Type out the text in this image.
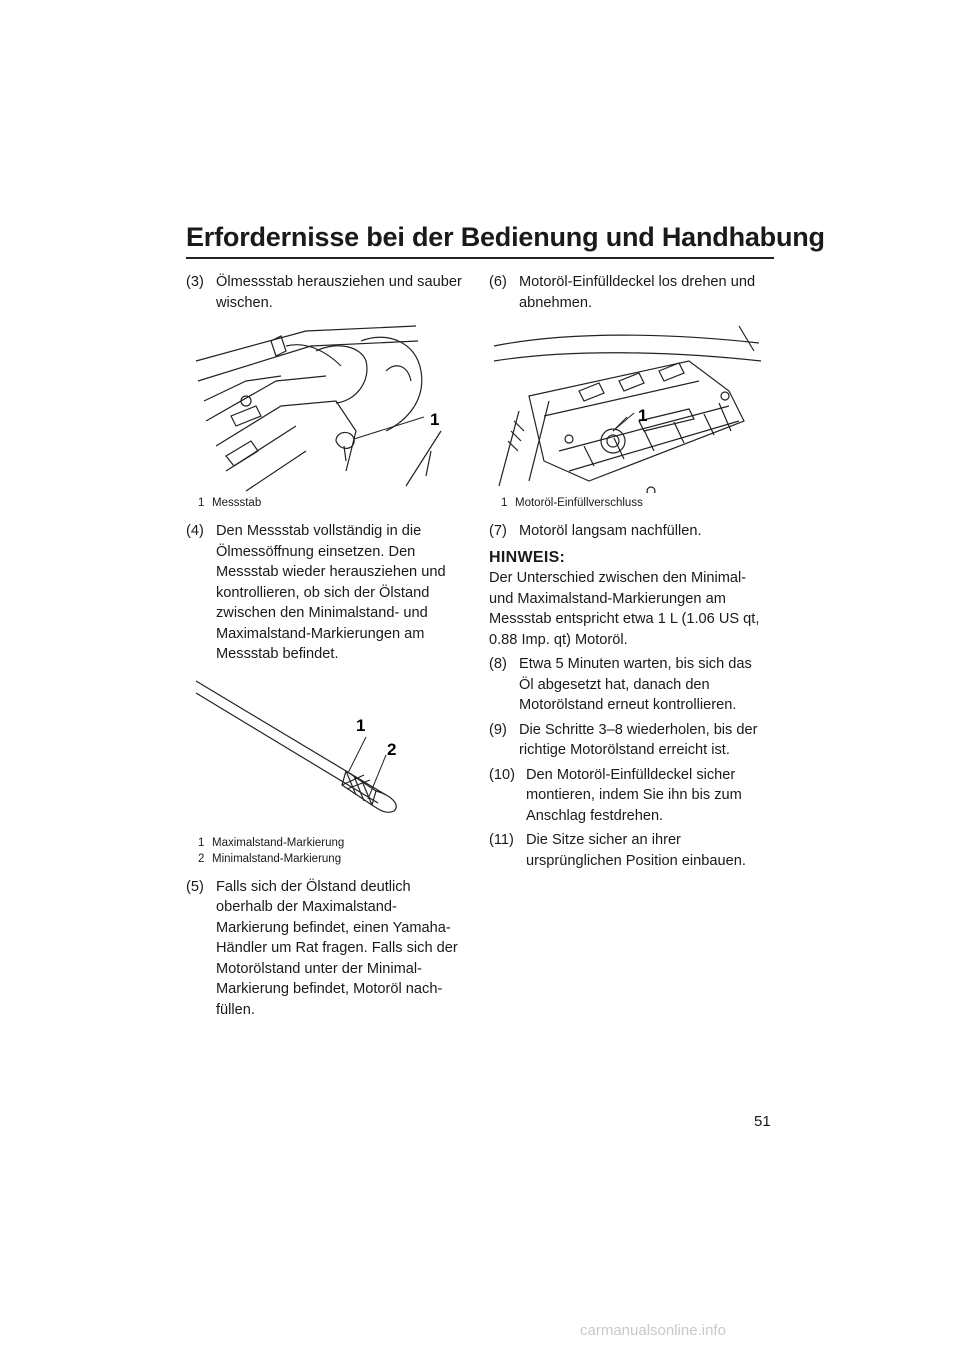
Erfordernisse bei der Bedienung und Handhabung
(3) Ölmessstab herausziehen und sauber wischen.
1
1 Messstab
(4) Den Messstab vollständig in die Ölmessöffnung einsetzen. Den Messstab wieder herausziehen und kontrollieren, ob sich der Ölstand zwischen den Minimalstand- und Maximalstand-Markierungen am Messstab befindet.
1
2
1 Maximalstand-Markierung
2 Minimalstand-Markierung
(5) Falls sich der Ölstand deutlich oberhalb der Maximalstand-Markierung befindet, einen Yamaha-Händler um Rat fragen. Falls sich der Motorölstand unter der Minimal-Markierung befindet, Motoröl nachfüllen.
(6) Motoröl-Einfülldeckel los drehen und abnehmen.
1
1 Motoröl-Einfüllverschluss
(7) Motoröl langsam nachfüllen.
HINWEIS:
Der Unterschied zwischen den Minimal- und Maximalstand-Markierungen am Messstab entspricht etwa 1 L (1.06 US qt, 0.88 Imp. qt) Motoröl.
(8) Etwa 5 Minuten warten, bis sich das Öl abgesetzt hat, danach den Motorölstand erneut kontrollieren.
(9) Die Schritte 3–8 wiederholen, bis der richtige Motorölstand erreicht ist.
(10) Den Motoröl-Einfülldeckel sicher montieren, indem Sie ihn bis zum Anschlag festdrehen.
(11) Die Sitze sicher an ihrer ursprünglichen Position einbauen.
51
carmanualsonline.info
